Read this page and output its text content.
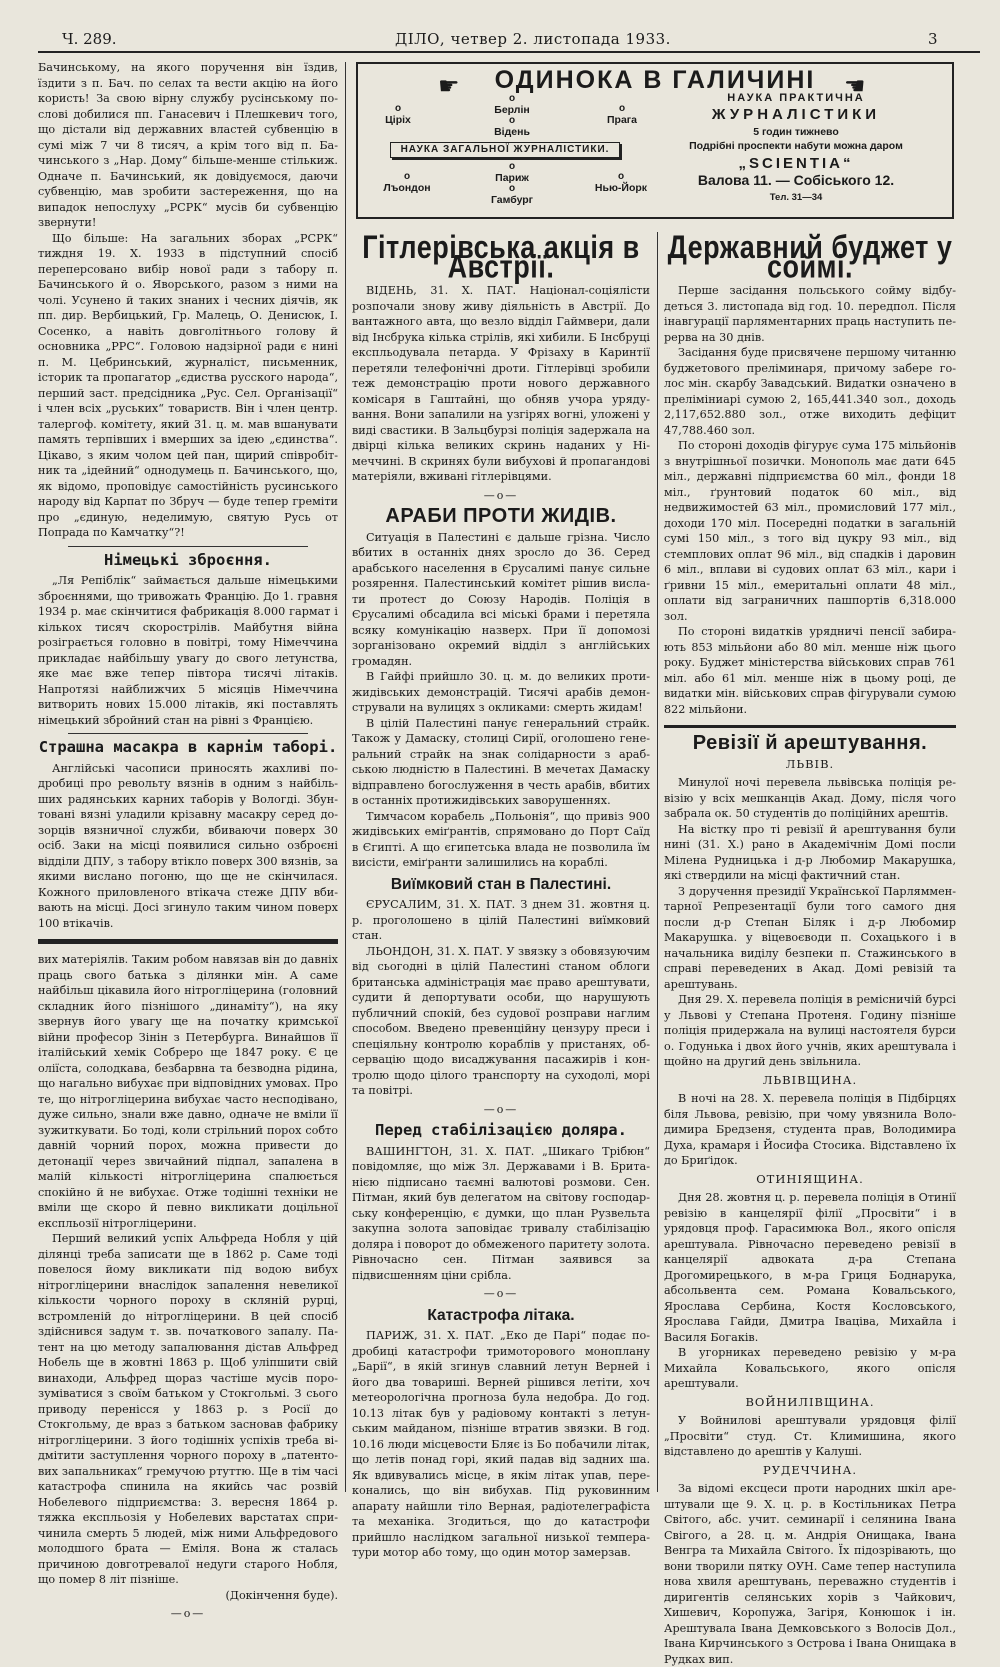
Ч. 289.	ДІЛО, четвер 2. листопада 1933.	3
☛	ОДИНОКА В ГАЛИЧИНІ	☛
o
Ціріх
o
Берлін	o
Прага
o
Відень
НАУКА ЗАГАЛЬНОЇ ЖУРНАЛІСТИКИ.
o
Лъондон
o
Париж	o
Нью-Йорк
o
Гамбург
НАУКА ПРАКТИЧНА
ЖУРНАЛІСТИКИ
5 годин тижнево
Подрібні проспекти набути можна даром
„SCIENTIA“
Валова 11. — Собіського 12.
Тел. 31—34

Бачинському, на якого поручення він їздив, їздити з п. Бач. по селах та вести акцію на його користь! За свою вірну службу русінському послові добилися пп. Ганасевич і Плешкевич того, що дістали від державних властей субвенцію в сумі між 7 чи 8 тисяч, а крім того від п. Бачинського з „Нар. Дому“ більше-менше стількиж. Одначе п. Бачинський, як довідуємося, даючи субвенцію, мав зробити застереження, що на випадок непослуху „РСРК“ мусів би субвенцію звернути!

Що більше: На загальних зборах „РСРК“ тиждня 19. X. 1933 в підступний спосіб переперсовано вибір нової ради з табору п. Бачинського й о. Яворського, разом з ними на чолі. Усунено й таких знаних і чесних діячів, як пп. дир. Вербицький, Гр. Малець, О. Денисюк, І. Сосенко, а навіть довголітнього голову й основника „РРС“. Головою надзірної ради є нині п. М. Цебринський, журналіст, письменник, історик та пропагатор „єдиства русского народа“, перший заст. предсідника „Рус. Сел. Організації“ і член всіх „руських“ товариств. Він і член центр. талергоф. комітету, який 31. ц. м. мав вшанувати память терпівших і вмерших за ідею „єдинства“. Цікаво, з яким чолом цей пан, щирий співробітник та „ідейний“ однодумець п. Бачинського, що, як відомо, проповідує самостійність русинського народу від Карпат по Збруч — буде тепер греміти про „єдиную, неделимую, святую Русь от Попрада по Камчатку“?!

Німецькі зброєння.

„Ля Репіблік“ займається дальше німецькими зброєннями, що тривожать Францію. До 1. гравня 1934 р. має скінчитися фабрикація 8.000 гармат і кількох тисяч скорострілів. Майбутня війна розіграється головно в повітрі, тому Німеччина прикладає найбільшу увагу до свого летунства, яке має вже тепер півтора тисячі літаків. Напротязі найближчих 5 місяців Німеччина витворить нових 15.000 літаків, які поставлять німецький збройний стан на рівні з Францією.

Страшна масакра в карнім таборі.

Англійські часописи приносять жахливі подробиці про револьту вязнів в одним з найбільших радянських карних таборів у Вологді. Збунтовані вязні уладили крізавну масакру серед дозорців вязничної служби, вбиваючи поверх 30 осіб. Заки на місці появилися сильно озброєні відділи ДПУ, з табору втікло поверх 300 вязнів, за якими вислано погоню, що ще не скінчилася. Кожного приловленого втікача стеже ДПУ вбивають на місці. Досі згинуло таким чином поверх 100 втікачів.

вих матеріялів. Таким робом навязав він до давніх праць свого батька з ділянки мін. А саме найбільш цікавила його нітрогліцерина (головний складник його пізнішого „динаміту“), на яку звернув його увагу ще на початку кримської війни професор Зінін з Петербурга. Винайшов її італійський хемік Собреро ще 1847 року. Є це оліїста, солодкава, безбарвна та безводна рідина, що нагально вибухає при відповідних умовах. Про те, що нітрогліцерина вибухає часто несподівано, дуже сильно, знали вже давно, одначе не вміли її зужиткувати. Бо тоді, коли стрільний порох собто давній чорний порох, можна привести до детонації через звичайний підпал, запалена в малій кількості нітрогліцерина спалюється спокійно й не вибухає. Отже тодішні техніки не вміли ще скоро й певно викликати доцільної експльозії нітрогліцерини.

Перший великий успіх Альфреда Нобля у цій ділянці треба записати ще в 1862 р. Саме тоді повелося йому викликати під водою вибух нітрогліцерини внаслідок запалення невеликої кількости чорного пороху в скляній рурці, встромленій до нітрогліцерини. В цей спосіб здійснився задум т. зв. початкового запалу. Патент на цю методу запалювання дістав Альфред Нобель ще в жовтні 1863 р. Щоб уліпшити свій винаходи, Альфред щораз частіше мусів порозуміватися з своїм батьком у Стокгольмі. З сього приводу перенісся у 1863 р. з Росії до Стокгольму, де враз з батьком засновав фабрику нітрогліцерини. З його тодішніх успіхів треба відмітити заступлення чорного пороху в „патентових запальниках“ гремучою ртуттю. Ще в тім часі катастрофа спинила на якийсь час розвій Нобелевого підприємства: 3. вересня 1864 р. тяжка експльозія у Нобелевих варстатах спричинила смерть 5 людей, між ними Альфредового молодшого брата — Еміля. Вона ж сталась причиною довготревалої недуги старого Нобля, що помер 8 літ пізніше.

(Докінчення буде).
—o—
Гітлерівська акція в Австрії.

ВІДЕНЬ, 31. X. ПАТ. Націонал-соціялісти розпочали знову живу діяльність в Австрії. До вантажного авта, що везло відділ Гаймвери, дали від Інсбрука кілька стрілів, які хибили. Б Інсбруці експльодувала петарда. У Фрізаху в Каринтії перетяли телефонічні дроти. Гітлерівці зробили теж демонстрацію проти нового державного комісаря в Гаштайні, що обняв учора урядування. Вони запалили на узгірях вогні, уложені у виді свастики. В Зальцбурзі поліція задержала на двірці кілька великих скринь наданих у Німеччині. В скринях були вибухові й пропагандові матеріяли, вживані гітлерівцями.

—o—
АРАБИ ПРОТИ ЖИДІВ.

Ситуація в Палестині є дальше грізна. Число вбитих в останніх днях зросло до 36. Серед арабського населення в Єрусалимі панує сильне розярення. Палестинський комітет рішив вислати протест до Союзу Народів. Поліція в Єрусалимі обсадила всі міські брами і перетяла всяку комунікацію назверх. При її допомозі зорганізовано окремий відділ з англійських громадян.

В Гайфі прийшло 30. ц. м. до великих протижидівських демонстрацій. Тисячі арабів демонстрували на вулицях з окликами: смерть жидам!

В цілій Палестині панує генеральний страйк. Також у Дамаску, столиці Сирії, оголошено генеральний страйк на знак солідарности з арабською людністю в Палестині. В мечетах Дамаску відправлено богослуження в честь арабів, вбитих в останніх протижидівських заворушеннях.

Тимчасом корабель „Польонія“, що привіз 900 жидівських еміґрантів, спрямовано до Порт Саїд в Єгипті. А що єгипетська влада не позволила їм висісти, еміґранти залишились на кораблі.

Виїмковий стан в Палестині.

ЄРУСАЛИМ, 31. X. ПАТ. З днем 31. жовтня ц. р. проголошено в цілій Палестині виїмковий стан.

ЛЬОНДОН, 31. X. ПАТ. У звязку з обовязуючим від сьогодні в цілій Палестині станом облоги британська адміністрація має право арештувати, судити й депортувати особи, що нарушують публичний спокій, без судової розправи наглим способом. Введено превенційну цензуру преси і спеціяльну контролю кораблів у пристанях, обсервацію щодо висаджування пасажирів і контролю щодо цілого транспорту на суходолі, морі та повітрі.

—o—
Перед стабілізацією доляра.

ВАШИНГТОН, 31. X. ПАТ. „Шикаго Трібюн“ повідомляє, що між Зл. Державами і В. Британією підписано таємні валютові розмови. Сен. Пітман, який був делегатом на світову господарську конференцію, є думки, що план Рузвельта закупна золота заповідає тривалу стабілізацію доляра і поворот до обмеженого паритету золота. Рівночасно сен. Пітман заявився за підвисшенням ціни срібла.

—o—
Катастрофа літака.

ПАРИЖ, 31. X. ПАТ. „Еко де Парі“ подає подробиці катастрофи тримоторового моноплану „Барії“, в якій згинув славний летун Верней і його два товариші. Верней рішився летіти, хоч метеорологічна прогноза була недобра. До год. 10.13 літак був у радіовому контакті з летунським майданом, пізніше втратив звязки. В год. 10.16 люди місцевости Бляє із Бо побачили літак, що летів понад горі, який падав від задних ша. Як вдивувались місце, в якім літак упав, переконались, що він вибухав. Під руковинним апарату найшли тіло Верная, радіотелеграфіста та механіка. Згодиться, що до катастрофи прийшло наслідком загальної низької температури мотор або тому, що один мотор замерзав.

Державний буджет у соймі.

Перше засідання польського сойму відбудеться 3. листопада від год. 10. передпол. Після інавгурації парляментарних праць наступить перерва на 30 днів.

Засідання буде присвячене першому читанню буджетового преліминаря, причому забере голос мін. скарбу Завадський. Видатки означено в преліміниарі сумою 2, 165,441.340 зол., доходь 2,117,652.880 зол., отже виходить дефіцит 47,788.460 зол.

По стороні доходів фігурує сума 175 мільйонів з внутрішньої позички. Монополь має дати 645 міл., державні підприємства 60 міл., фонди 18 міл., ґрунтовий податок 60 міл., від недвижимостей 63 міл., промисловий 177 міл., доходи 170 міл. Посередні податки в загальній сумі 150 міл., з того від цукру 93 міл., від стемплових оплат 96 міл., від спадків і даровин 6 міл., вплави ві судових оплат 63 міл., кари і ґривни 15 міл., емеритальні оплати 48 міл., оплати від заграничних пашпортів 6,318.000 зол.

По стороні видатків урядничі пенсії забирають 853 мільйони або 80 міл. менше ніж цього року. Буджет міністерства військових справ 761 міл. або 61 міл. менше ніж в цьому році, де видатки мін. військових справ фігурували сумою 822 мільйони.

Ревізії й арештування.
ЛЬВІВ.

Минулої ночі перевела львівська поліція ревізію у всіх мешканців Акад. Дому, після чого забрала ок. 50 студентів до поліційних арештів.

На вістку про ті ревізії й арештування були нині (31. X.) рано в Академічнім Домі посли Мілена Рудницька і д-р Любомир Макарушка, які ствердили на місці фактичний стан.

З доручення президії Української Парлямментарної Репрезентації були того самого дня посли д-р Степан Біляк і д-р Любомир Макарушка. у віцевоєводи п. Сохацького і в начальника виділу безпеки п. Стажинського в справі переведених в Акад. Домі ревізій та арештувань.

Дня 29. X. перевела поліція в ремісничій бурсі у Львові у Степана Протеня. Годину пізніше поліція придержала на вулиці настоятеля бурси о. Годунька і двох його учнів, яких арештувала і щойно на другий день звільнила.

ЛЬВІВЩИНА.

В ночі на 28. X. перевела поліція в Підбірцях біля Львова, ревізію, при чому увязнила Володимира Бредзеня, студента прав, Володимира Духа, крамаря і Йосифа Стосика. Відставлено їх до Бриґідок.

ОТИНІЯЩИНА.

Дня 28. жовтня ц. р. перевела поліція в Отинії ревізію в канцелярії філії „Просвіти“ і в урядовця проф. Гарасимюка Вол., якого опісля арештувала. Рівночасно переведено ревізії в канцелярії адвоката д-ра Степана Дрогомирецького, в м-ра Гриця Боднарука, абсольвента сем. Романа Ковальського, Ярослава Сербина, Костя Кословського, Ярослава Гайди, Дмитра Іваціва, Михайла і Василя Богаків.

В угорниках переведено ревізію у м-ра Михайла Ковальського, якого опісля арештували.

ВОЙНИЛІВЩИНА.

У Войнилові арештували урядовця філії „Просвіти“ студ. Ст. Климишина, якого відставлено до арештів у Калуші.

РУДЕЧЧИНА.

За відомі ексцеси проти народних шкіл арештували ще 9. X. ц. р. в Костільниках Петра Світого, абс. учит. семинарії і селянина Івана Свігого, а 28. ц. м. Андрія Онищака, Івана Венгра та Михайла Світого. Їх підозрівають, що вони творили пятку ОУН. Саме тепер наступила нова хвиля арештувань, переважно студентів і диригентів селянських хорів з Чайкович, Хишевич, Коропужа, Загіря, Конюшок і ін. Арештувала Івана Демковського з Волосів Дол., Івана Кирчинського з Острова і Івана Онищака в Рудках вип.
